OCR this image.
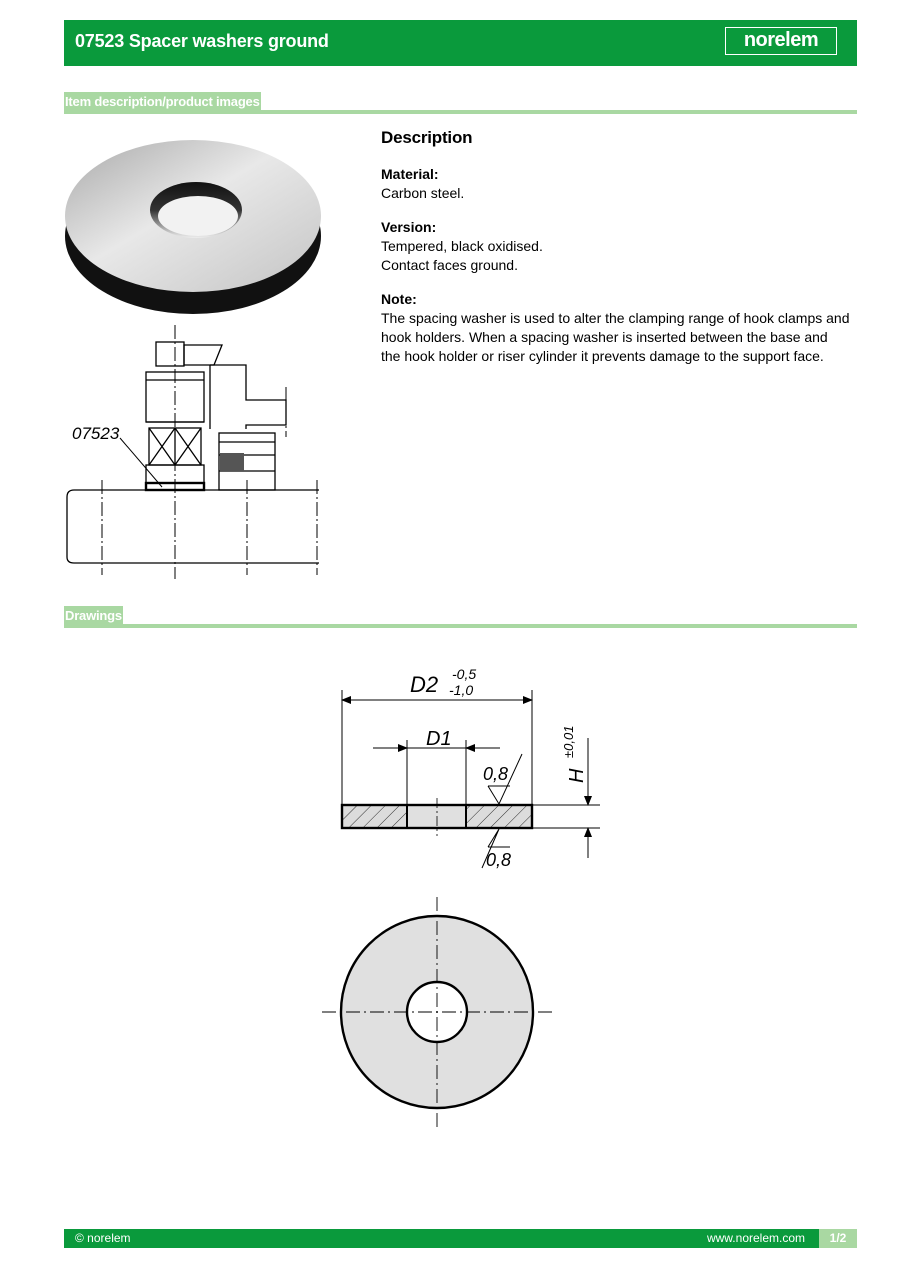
07523 Spacer washers ground	norelem
Item description/product images
07523
Description
Material:
Carbon steel.
Version:
Tempered, black oxidised.
Contact faces ground.
Note:
The spacing washer is used to alter the clamping range of hook clamps and hook holders. When a spacing washer is inserted between the base and the hook holder or riser cylinder it prevents damage to the support face.
Drawings
D2 -0,5
-1,0
D1
0,8
0,8
H
±0,01
© norelem	www.norelem.com	1/2
